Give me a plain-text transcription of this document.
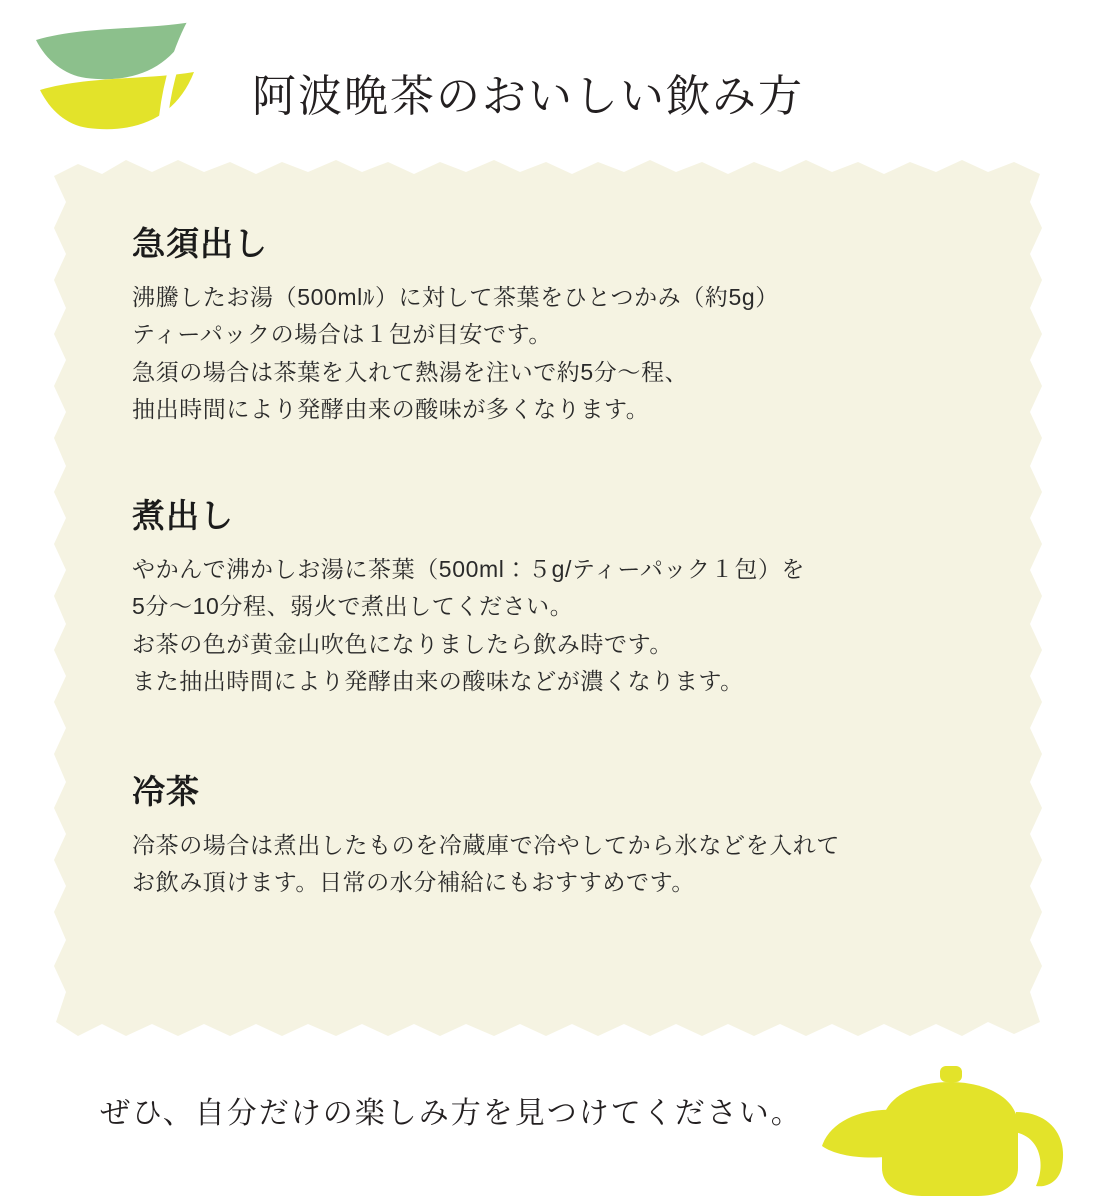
阿波晩茶のおいしい飲み方
急須出し
沸騰したお湯（500mlﾙ）に対して茶葉をひとつかみ（約5g）
ティーパックの場合は１包が目安です。
急須の場合は茶葉を入れて熱湯を注いで約5分〜程、
抽出時間により発酵由来の酸味が多くなります。
煮出し
やかんで沸かしお湯に茶葉（500ml：５g/ティーパック１包）を
5分〜10分程、弱火で煮出してください。
お茶の色が黄金山吹色になりましたら飲み時です。
また抽出時間により発酵由来の酸味などが濃くなります。
冷茶
冷茶の場合は煮出したものを冷蔵庫で冷やしてから氷などを入れて
お飲み頂けます。日常の水分補給にもおすすめです。
ぜひ、自分だけの楽しみ方を見つけてください。
